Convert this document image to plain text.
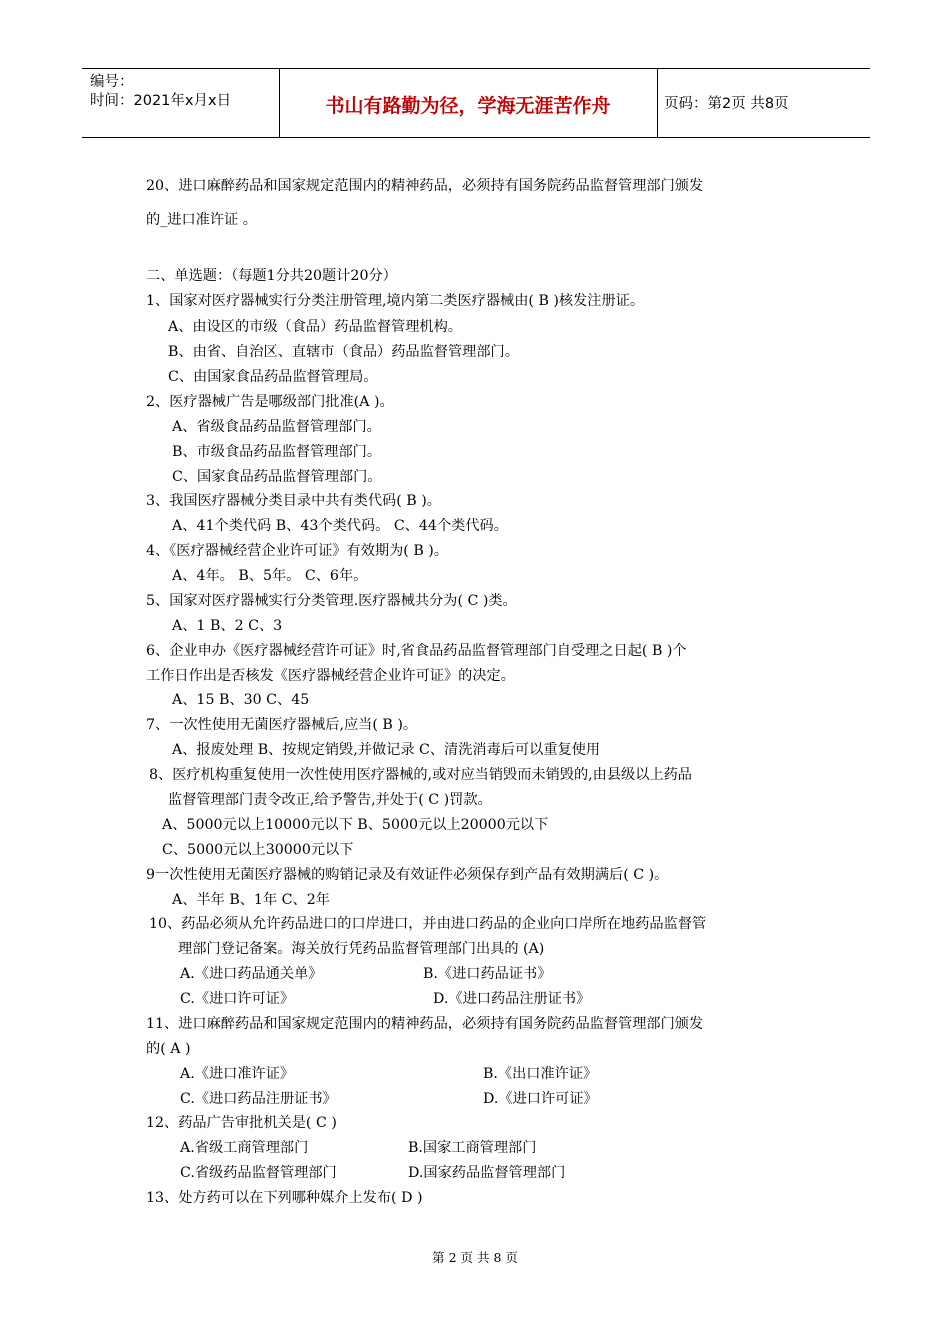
编号：
时间：2021年x月x日	书山有路勤为径，学海无涯苦作舟	页码：第2页 共8页
20、进口麻醉药品和国家规定范围内的精神药品，必须持有国务院药品监督管理部门颁发
的_进口准许证 。
二、单选题：（每题1分共20题计20分）
1、国家对医疗器械实行分类注册管理,境内第二类医疗器械由( B )核发注册证。
A、由设区的市级（食品）药品监督管理机构。
B、由省、自治区、直辖市（食品）药品监督管理部门。
C、由国家食品药品监督管理局。
2、医疗器械广告是哪级部门批准(A )。
A、省级食品药品监督管理部门。
B、市级食品药品监督管理部门。
C、国家食品药品监督管理部门。
3、我国医疗器械分类目录中共有类代码( B )。
A、41个类代码 B、43个类代码。 C、44个类代码。
4、《医疗器械经营企业许可证》有效期为( B )。
A、4年。 B、5年。 C、6年。
5、国家对医疗器械实行分类管理.医疗器械共分为( C )类。
A、1 B、2 C、3
6、企业申办《医疗器械经营许可证》时,省食品药品监督管理部门自受理之日起( B )个
工作日作出是否核发《医疗器械经营企业许可证》的决定。
A、15 B、30 C、45
7、一次性使用无菌医疗器械后,应当( B )。
A、报废处理 B、按规定销毁,并做记录 C、清洗消毒后可以重复使用
8、医疗机构重复使用一次性使用医疗器械的,或对应当销毁而未销毁的,由县级以上药品
监督管理部门责令改正,给予警告,并处于( C )罚款。
A、5000元以上10000元以下 B、5000元以上20000元以下
C、5000元以上30000元以下
9一次性使用无菌医疗器械的购销记录及有效证件必须保存到产品有效期满后( C )。
A、半年 B、1年 C、2年
10、药品必须从允许药品进口的口岸进口，并由进口药品的企业向口岸所在地药品监督管
理部门登记备案。海关放行凭药品监督管理部门出具的 (A)
A.《进口药品通关单》	B.《进口药品证书》
C.《进口许可证》	D.《进口药品注册证书》
11、进口麻醉药品和国家规定范围内的精神药品，必须持有国务院药品监督管理部门颁发
的( A )
A.《进口准许证》	B.《出口准许证》
C.《进口药品注册证书》	D.《进口许可证》
12、药品广告审批机关是( C )
A.省级工商管理部门	B.国家工商管理部门
C.省级药品监督管理部门	D.国家药品监督管理部门
13、处方药可以在下列哪种媒介上发布( D )
第 2 页 共 8 页
